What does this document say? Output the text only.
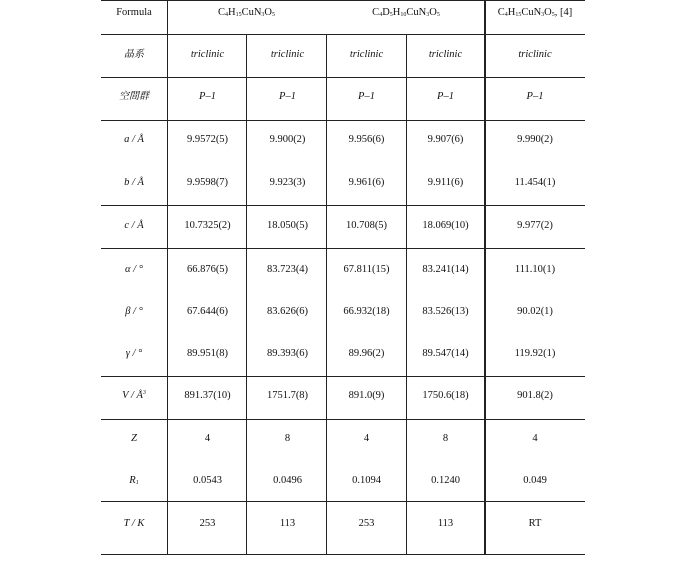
Formula	$C_4H_{15}CuN_3O_5$	$C_4D_5H_{10}CuN_3O_5$	$C_4H_{15}CuN_3O_5$, [4]
晶系	triclinic	triclinic	triclinic	triclinic	triclinic
空間群	P–1	P–1	P–1	P–1	P–1
a / Å	9.9572(5)	9.900(2)	9.956(6)	9.907(6)	9.990(2)
b / Å	9.9598(7)	9.923(3)	9.961(6)	9.911(6)	11.454(1)
c / Å	10.7325(2)	18.050(5)	10.708(5)	18.069(10)	9.977(2)
α / °	66.876(5)	83.723(4)	67.811(15)	83.241(14)	111.10(1)
β / °	67.644(6)	83.626(6)	66.932(18)	83.526(13)	90.02(1)
γ / °	89.951(8)	89.393(6)	89.96(2)	89.547(14)	119.92(1)
V / $Å^3$	891.37(10)	1751.7(8)	891.0(9)	1750.6(18)	901.8(2)
Z	4	8	4	8	4
$R_1$	0.0543	0.0496	0.1094	0.1240	0.049
T / K	253	113	253	113	RT
